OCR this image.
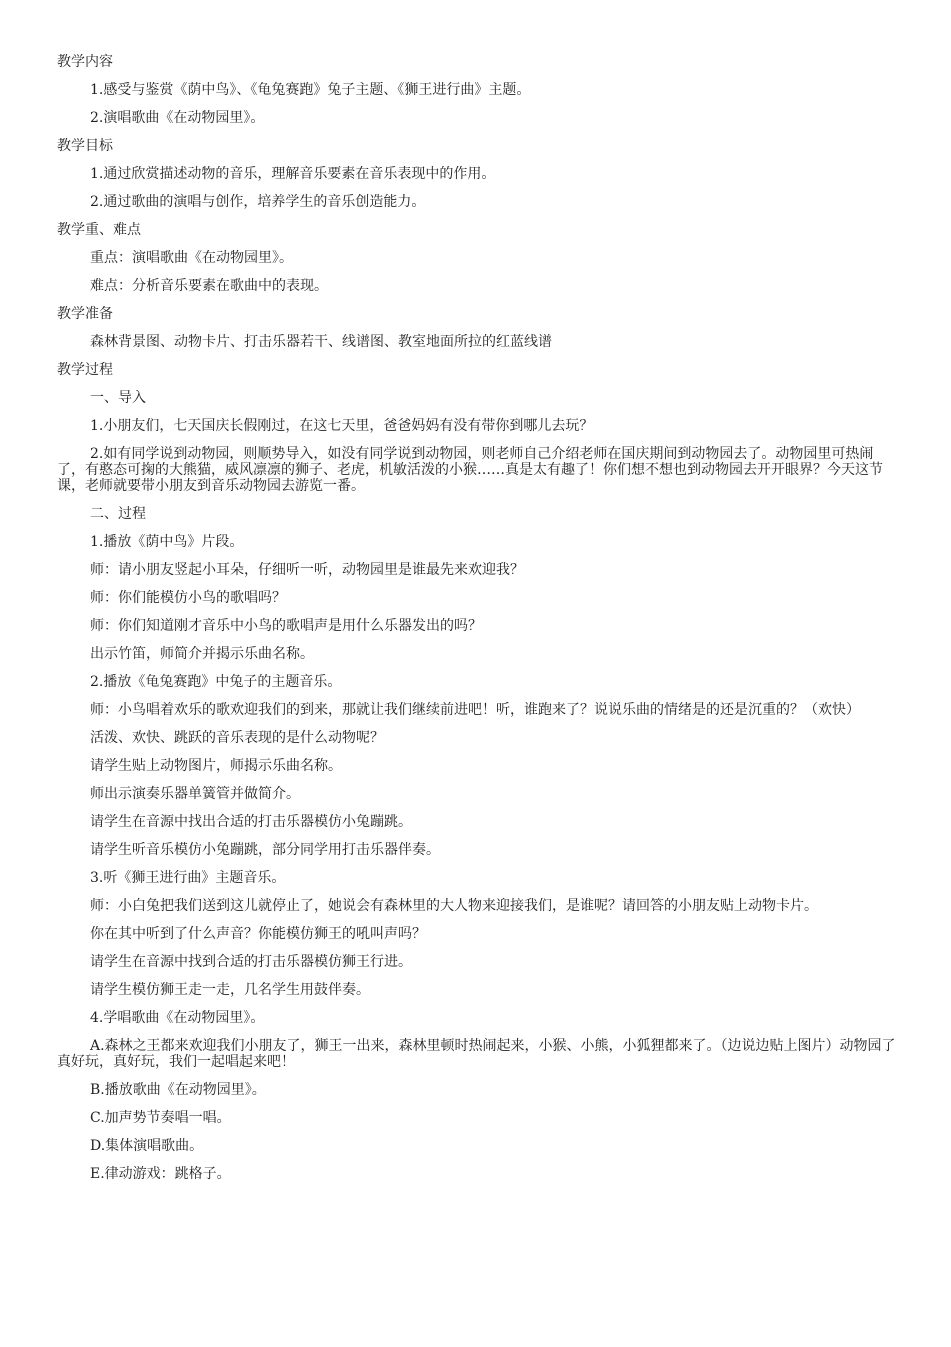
教学内容

1.感受与鉴赏《荫中鸟》、《龟兔赛跑》兔子主题、《狮王进行曲》主题。

2.演唱歌曲《在动物园里》。

教学目标

1.通过欣赏描述动物的音乐，理解音乐要素在音乐表现中的作用。

2.通过歌曲的演唱与创作，培养学生的音乐创造能力。

教学重、难点

重点：演唱歌曲《在动物园里》。

难点：分析音乐要素在歌曲中的表现。

教学准备

森林背景图、动物卡片、打击乐器若干、线谱图、教室地面所拉的红蓝线谱

教学过程

一、导入

1.小朋友们，七天国庆长假刚过，在这七天里，爸爸妈妈有没有带你到哪儿去玩？

2.如有同学说到动物园，则顺势导入，如没有同学说到动物园，则老师自己介绍老师在国庆期间到动物园去了。动物园里可热闹了，有憨态可掬的大熊猫，威风凛凛的狮子、老虎，机敏活泼的小猴……真是太有趣了！你们想不想也到动物园去开开眼界？今天这节课，老师就要带小朋友到音乐动物园去游览一番。

二、过程

1.播放《荫中鸟》片段。

师：请小朋友竖起小耳朵，仔细听一听，动物园里是谁最先来欢迎我？

师：你们能模仿小鸟的歌唱吗？

师：你们知道刚才音乐中小鸟的歌唱声是用什么乐器发出的吗？

出示竹笛，师简介并揭示乐曲名称。

2.播放《龟兔赛跑》中兔子的主题音乐。

师：小鸟唱着欢乐的歌欢迎我们的到来，那就让我们继续前进吧！听，谁跑来了？说说乐曲的情绪是的还是沉重的？（欢快）

活泼、欢快、跳跃的音乐表现的是什么动物呢？

请学生贴上动物图片，师揭示乐曲名称。

师出示演奏乐器单簧管并做简介。

请学生在音源中找出合适的打击乐器模仿小兔蹦跳。

请学生听音乐模仿小兔蹦跳，部分同学用打击乐器伴奏。

3.听《狮王进行曲》主题音乐。

师：小白兔把我们送到这儿就停止了，她说会有森林里的大人物来迎接我们，是谁呢？请回答的小朋友贴上动物卡片。

你在其中听到了什么声音？你能模仿狮王的吼叫声吗？

请学生在音源中找到合适的打击乐器模仿狮王行进。

请学生模仿狮王走一走，几名学生用鼓伴奏。

4.学唱歌曲《在动物园里》。

A.森林之王都来欢迎我们小朋友了，狮王一出来，森林里顿时热闹起来，小猴、小熊，小狐狸都来了。（边说边贴上图片）动物园了真好玩，真好玩，我们一起唱起来吧！

B.播放歌曲《在动物园里》。

C.加声势节奏唱一唱。

D.集体演唱歌曲。

E.律动游戏：跳格子。
